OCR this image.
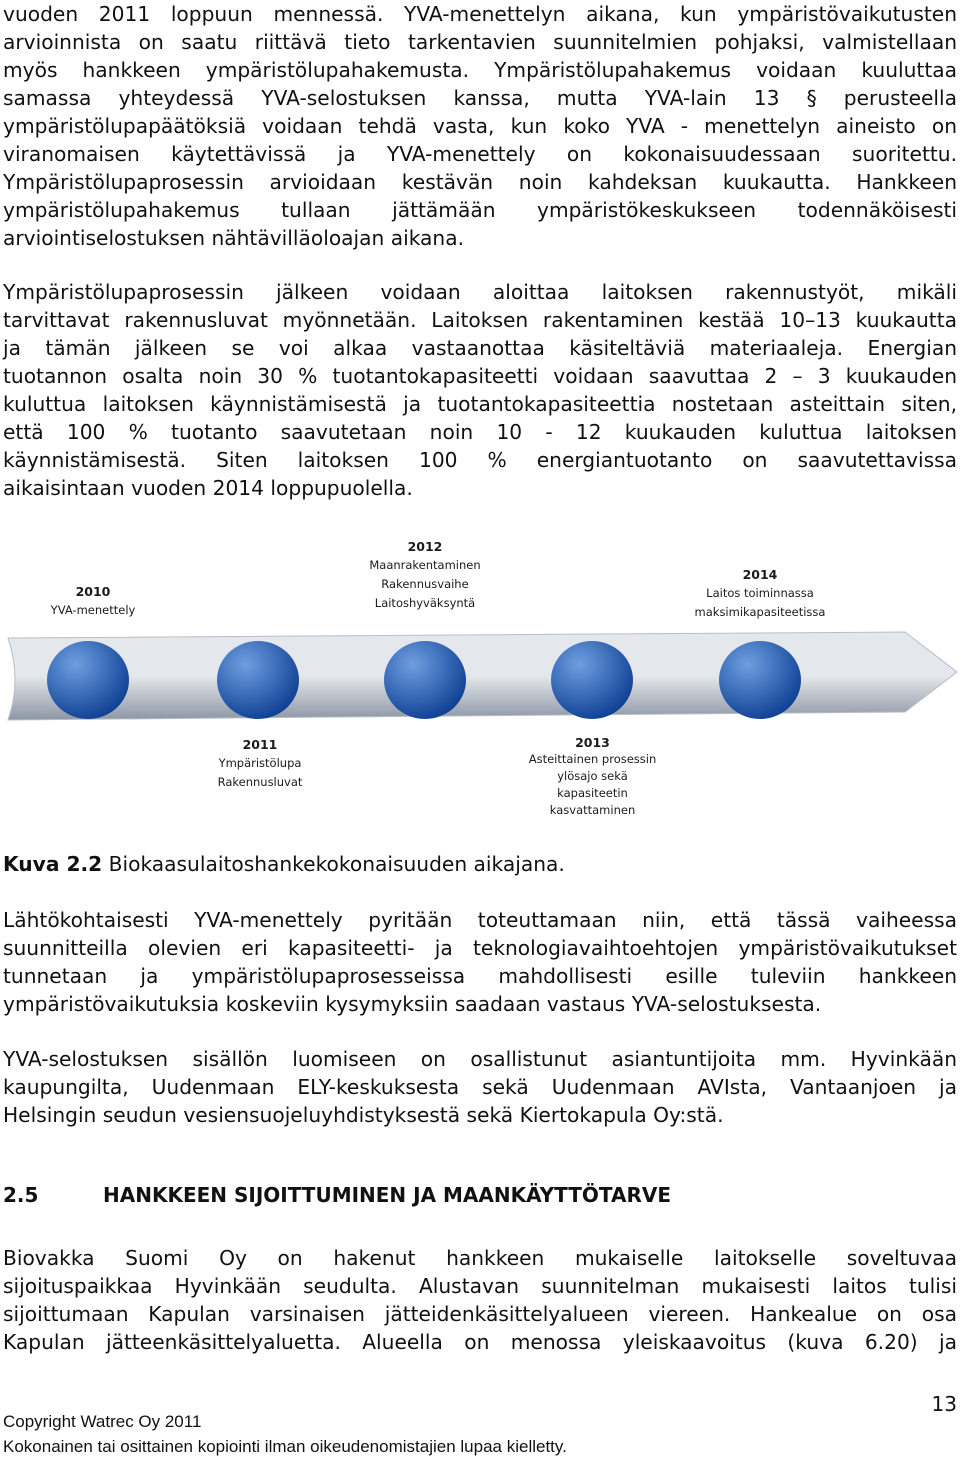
vuoden 2011 loppuun mennessä. YVA-menettelyn aikana, kun ympäristövaikutusten
arvioinnista on saatu riittävä tieto tarkentavien suunnitelmien pohjaksi, valmistellaan
myös hankkeen ympäristölupahakemusta. Ympäristölupahakemus voidaan kuuluttaa
samassa yhteydessä YVA-selostuksen kanssa, mutta YVA-lain 13 § perusteella
ympäristölupapäätöksiä voidaan tehdä vasta, kun koko YVA - menettelyn aineisto on
viranomaisen käytettävissä ja YVA-menettely on kokonaisuudessaan suoritettu.
Ympäristölupaprosessin arvioidaan kestävän noin kahdeksan kuukautta. Hankkeen
ympäristölupahakemus tullaan jättämään ympäristökeskukseen todennäköisesti
arviointiselostuksen nähtävilläoloajan aikana.
Ympäristölupaprosessin jälkeen voidaan aloittaa laitoksen rakennustyöt, mikäli
tarvittavat rakennusluvat myönnetään. Laitoksen rakentaminen kestää 10–13 kuukautta
ja tämän jälkeen se voi alkaa vastaanottaa käsiteltäviä materiaaleja. Energian
tuotannon osalta noin 30 % tuotantokapasiteetti voidaan saavuttaa 2 – 3 kuukauden
kuluttua laitoksen käynnistämisestä ja tuotantokapasiteettia nostetaan asteittain siten,
että 100 % tuotanto saavutetaan noin 10 - 12 kuukauden kuluttua laitoksen
käynnistämisestä. Siten laitoksen 100 % energiantuotanto on saavutettavissa
aikaisintaan vuoden 2014 loppupuolella.
2010
YVA-menettely
2012
Maanrakentaminen
Rakennusvaihe
Laitoshyväksyntä
2014
Laitos toiminnassa
maksimikapasiteetissa
2011
Ympäristölupa
Rakennusluvat
2013
Asteittainen prosessin
ylösajo sekä
kapasiteetin
kasvattaminen
Kuva 2.2 Biokaasulaitoshankekokonaisuuden aikajana.
Lähtökohtaisesti YVA-menettely pyritään toteuttamaan niin, että tässä vaiheessa
suunnitteilla olevien eri kapasiteetti- ja teknologiavaihtoehtojen ympäristövaikutukset
tunnetaan ja ympäristölupaprosesseissa mahdollisesti esille tuleviin hankkeen
ympäristövaikutuksia koskeviin kysymyksiin saadaan vastaus YVA-selostuksesta.
YVA-selostuksen sisällön luomiseen on osallistunut asiantuntijoita mm. Hyvinkään
kaupungilta, Uudenmaan ELY-keskuksesta sekä Uudenmaan AVIsta, Vantaanjoen ja
Helsingin seudun vesiensuojeluyhdistyksestä sekä Kiertokapula Oy:stä.
2.5	HANKKEEN SIJOITTUMINEN JA MAANKÄYTTÖTARVE
Biovakka Suomi Oy on hakenut hankkeen mukaiselle laitokselle soveltuvaa
sijoituspaikkaa Hyvinkään seudulta. Alustavan suunnitelman mukaisesti laitos tulisi
sijoittumaan Kapulan varsinaisen jätteidenkäsittelyalueen viereen. Hankealue on osa
Kapulan jätteenkäsittelyaluetta. Alueella on menossa yleiskaavoitus (kuva 6.20) ja
13
Copyright Watrec Oy 2011
Kokonainen tai osittainen kopiointi ilman oikeudenomistajien lupaa kielletty.
